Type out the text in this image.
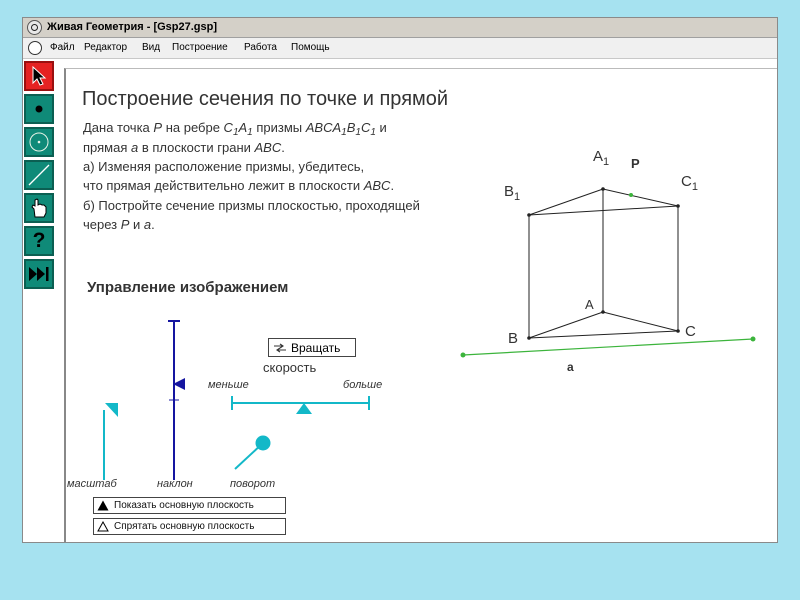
Живая Геометрия - [Gsp27.gsp]
Файл Редактор Вид Построение Работа Помощь
?
Построение сечения по точке и прямой
Дана точка P на ребре $C_1A_1$ призмы $ABCA_1B_1C_1$ и
прямая a в плоскости грани ABC.
а) Изменяя расположение призмы, убедитесь,
что прямая действительно лежит в плоскости ABC.
б) Постройте сечение призмы плоскостью, проходящей
через P и a.
Управление изображением
скорость
меньше	больше
наклон
масштаб	поворот
$A_1$ P
$C_1$
$B_1$
A
C
B
a
Вращать
Показать основную плоскость
Спрятать основную плоскость
